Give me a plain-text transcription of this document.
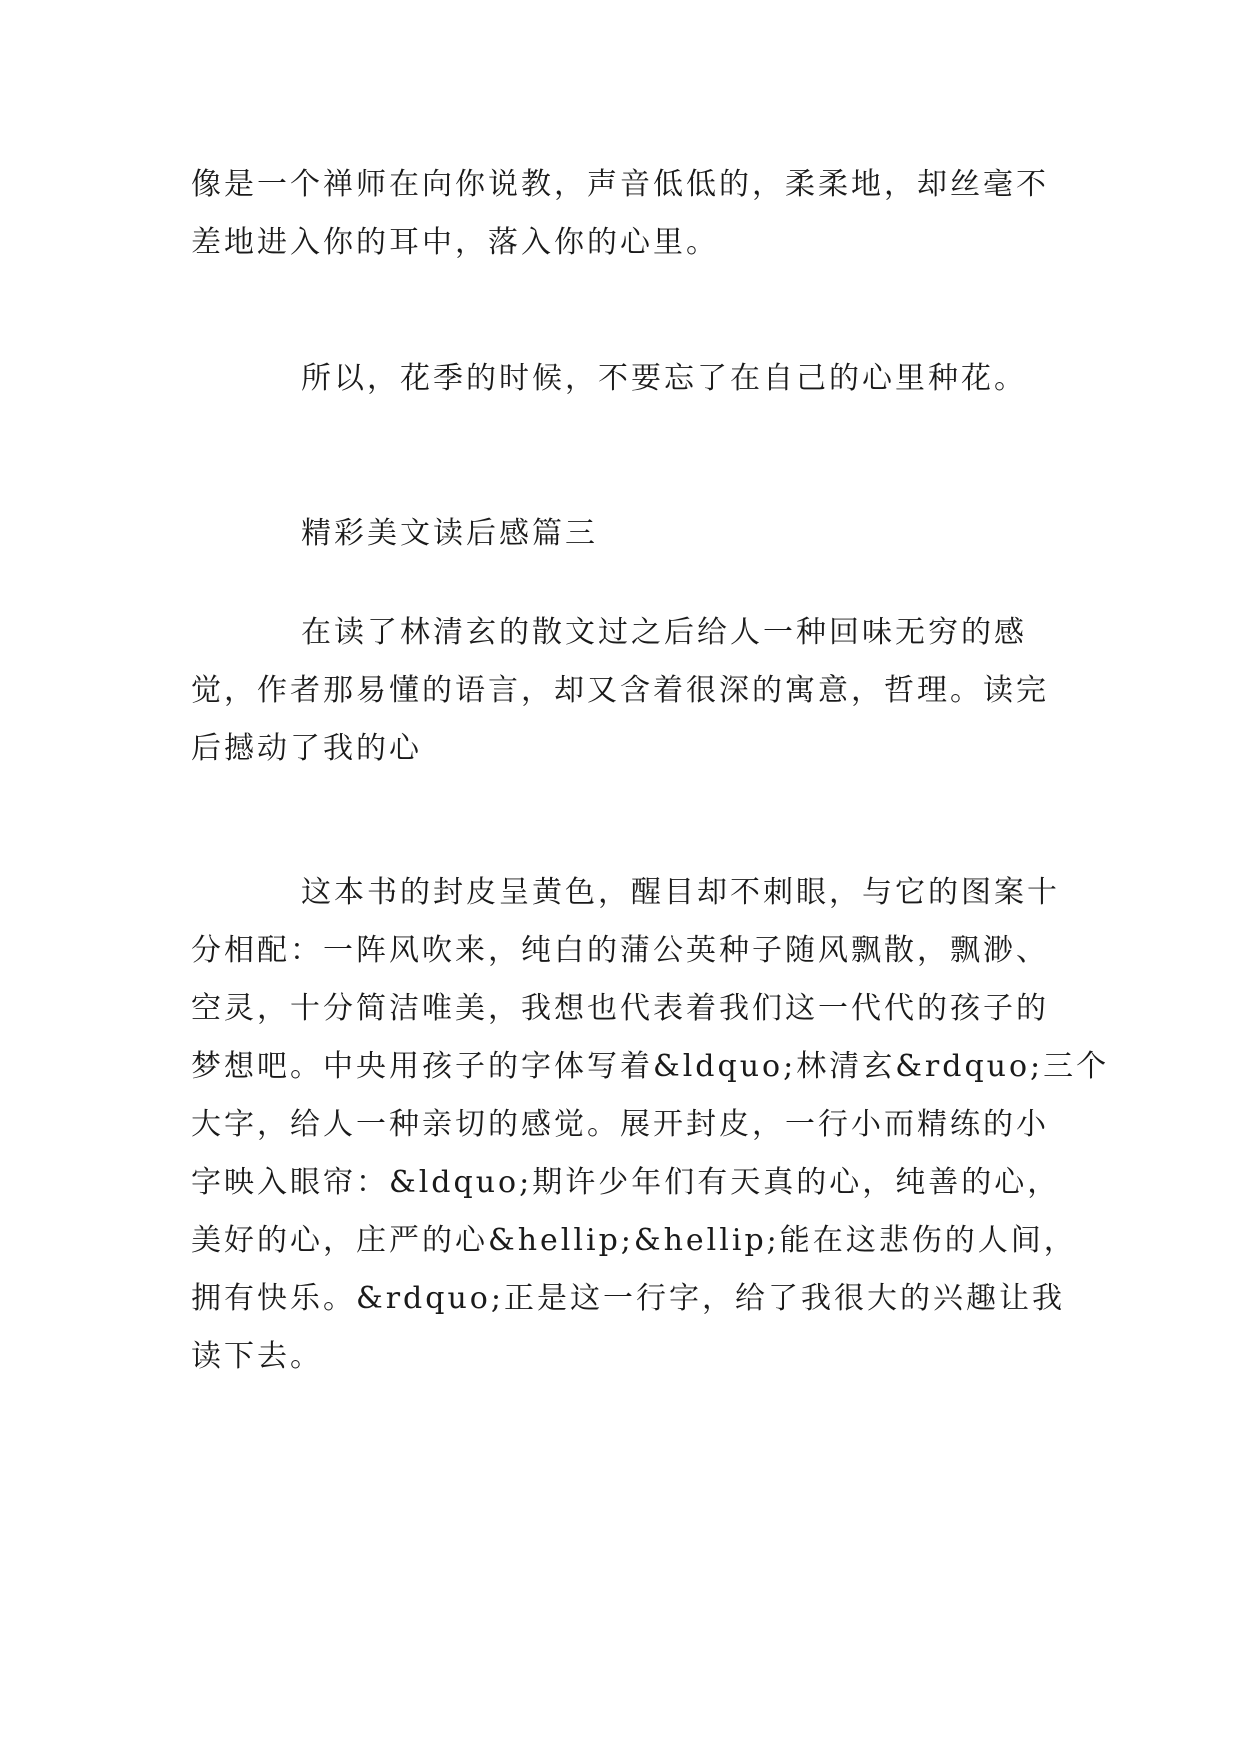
像是一个禅师在向你说教，声音低低的，柔柔地，却丝毫不
差地进入你的耳中，落入你的心里。

所以，花季的时候，不要忘了在自己的心里种花。

精彩美文读后感篇三

在读了林清玄的散文过之后给人一种回味无穷的感
觉，作者那易懂的语言，却又含着很深的寓意，哲理。读完
后撼动了我的心

这本书的封皮呈黄色，醒目却不刺眼，与它的图案十
分相配：一阵风吹来，纯白的蒲公英种子随风飘散，飘渺、
空灵，十分简洁唯美，我想也代表着我们这一代代的孩子的
梦想吧。中央用孩子的字体写着&ldquo;林清玄&rdquo;三个
大字，给人一种亲切的感觉。展开封皮，一行小而精练的小
字映入眼帘：&ldquo;期许少年们有天真的心，纯善的心，
美好的心，庄严的心&hellip;&hellip;能在这悲伤的人间，
拥有快乐。&rdquo;正是这一行字，给了我很大的兴趣让我
读下去。
